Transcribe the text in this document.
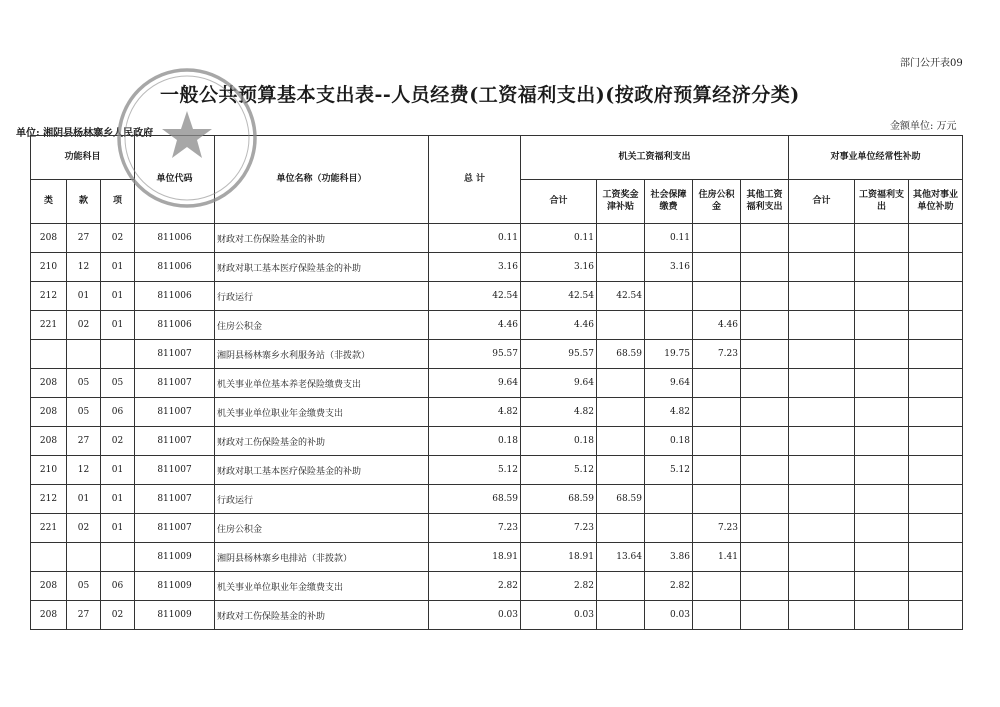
部门公开表09
一般公共预算基本支出表--人员经费(工资福利支出)(按政府预算经济分类)
单位: 湘阴县杨林寨乡人民政府
金额单位: 万元
功能科目			单位代码	单位名称（功能科目）	总 计	机关工资福利支出					对事业单位经常性补助		
类	款	项				合计	工资奖金津补贴	社会保障缴费	住房公积金	其他工资福利支出	合计	工资福利支出	其他对事业单位补助
208	27	02	811006	财政对工伤保险基金的补助	0.11	0.11		0.11					
210	12	01	811006	财政对职工基本医疗保险基金的补助	3.16	3.16		3.16					
212	01	01	811006	行政运行	42.54	42.54	42.54						
221	02	01	811006	住房公积金	4.46	4.46			4.46				
			811007	湘阴县杨林寨乡水利服务站（非拨款）	95.57	95.57	68.59	19.75	7.23				
208	05	05	811007	机关事业单位基本养老保险缴费支出	9.64	9.64		9.64					
208	05	06	811007	机关事业单位职业年金缴费支出	4.82	4.82		4.82					
208	27	02	811007	财政对工伤保险基金的补助	0.18	0.18		0.18					
210	12	01	811007	财政对职工基本医疗保险基金的补助	5.12	5.12		5.12					
212	01	01	811007	行政运行	68.59	68.59	68.59						
221	02	01	811007	住房公积金	7.23	7.23			7.23				
			811009	湘阴县杨林寨乡电排站（非拨款）	18.91	18.91	13.64	3.86	1.41				
208	05	06	811009	机关事业单位职业年金缴费支出	2.82	2.82		2.82					
208	27	02	811009	财政对工伤保险基金的补助	0.03	0.03		0.03					
